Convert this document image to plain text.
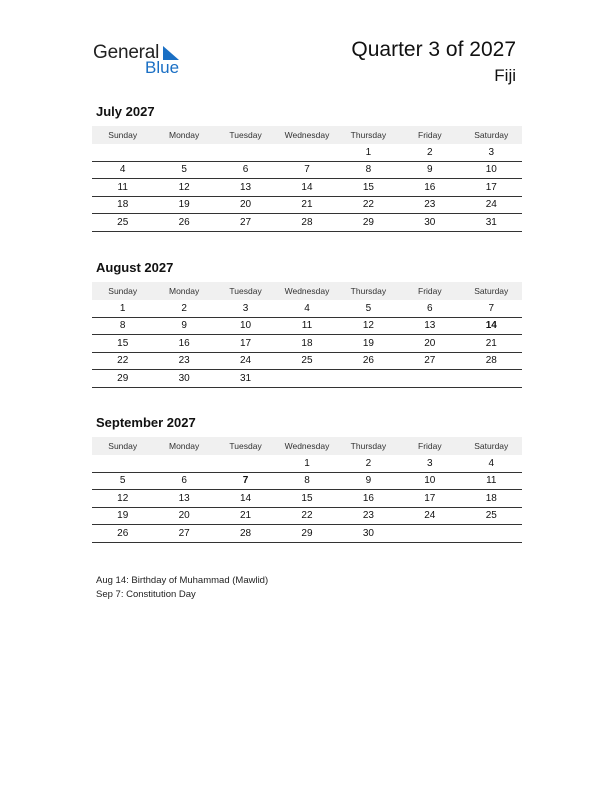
General
Blue
Quarter 3 of 2027
Fiji
July 2027
Sunday	Monday	Tuesday	Wednesday	Thursday	Friday	Saturday
				1	2	3
4	5	6	7	8	9	10
11	12	13	14	15	16	17
18	19	20	21	22	23	24
25	26	27	28	29	30	31
August 2027
Sunday	Monday	Tuesday	Wednesday	Thursday	Friday	Saturday
1	2	3	4	5	6	7
8	9	10	11	12	13	14
15	16	17	18	19	20	21
22	23	24	25	26	27	28
29	30	31				
September 2027
Sunday	Monday	Tuesday	Wednesday	Thursday	Friday	Saturday
			1	2	3	4
5	6	7	8	9	10	11
12	13	14	15	16	17	18
19	20	21	22	23	24	25
26	27	28	29	30		
Aug 14: Birthday of Muhammad (Mawlid)
Sep 7: Constitution Day
